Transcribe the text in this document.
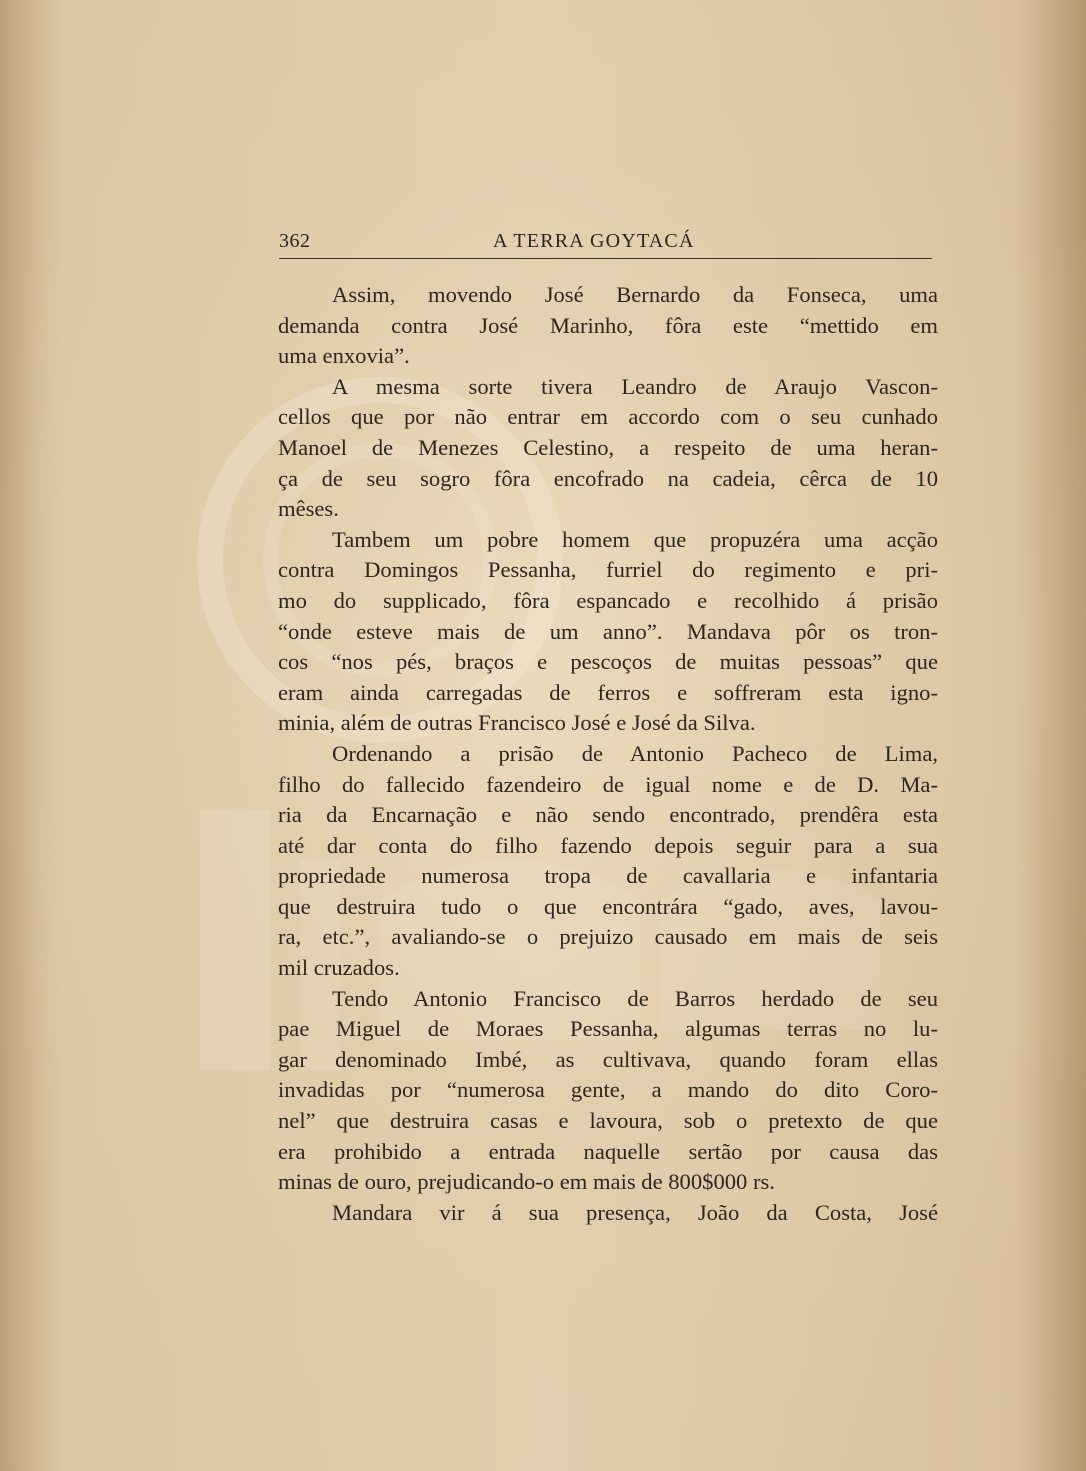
362	A TERRA GOYTACÁ
Assim, movendo José Bernardo da Fonseca, uma
demanda contra José Marinho, fôra este “mettido em
uma enxovia”.
A mesma sorte tivera Leandro de Araujo Vascon-
cellos que por não entrar em accordo com o seu cunhado
Manoel de Menezes Celestino, a respeito de uma heran-
ça de seu sogro fôra encofrado na cadeia, cêrca de 10
mêses.
Tambem um pobre homem que propuzéra uma acção
contra Domingos Pessanha, furriel do regimento e pri-
mo do supplicado, fôra espancado e recolhido á prisão
“onde esteve mais de um anno”. Mandava pôr os tron-
cos “nos pés, braços e pescoços de muitas pessoas” que
eram ainda carregadas de ferros e soffreram esta igno-
minia, além de outras Francisco José e José da Silva.
Ordenando a prisão de Antonio Pacheco de Lima,
filho do fallecido fazendeiro de igual nome e de D. Ma-
ria da Encarnação e não sendo encontrado, prendêra esta
até dar conta do filho fazendo depois seguir para a sua
propriedade numerosa tropa de cavallaria e infantaria
que destruira tudo o que encontrára “gado, aves, lavou-
ra, etc.”, avaliando-se o prejuizo causado em mais de seis
mil cruzados.
Tendo Antonio Francisco de Barros herdado de seu
pae Miguel de Moraes Pessanha, algumas terras no lu-
gar denominado Imbé, as cultivava, quando foram ellas
invadidas por “numerosa gente, a mando do dito Coro-
nel” que destruira casas e lavoura, sob o pretexto de que
era prohibido a entrada naquelle sertão por causa das
minas de ouro, prejudicando-o em mais de 800$000 rs.
Mandara vir á sua presença, João da Costa, José
